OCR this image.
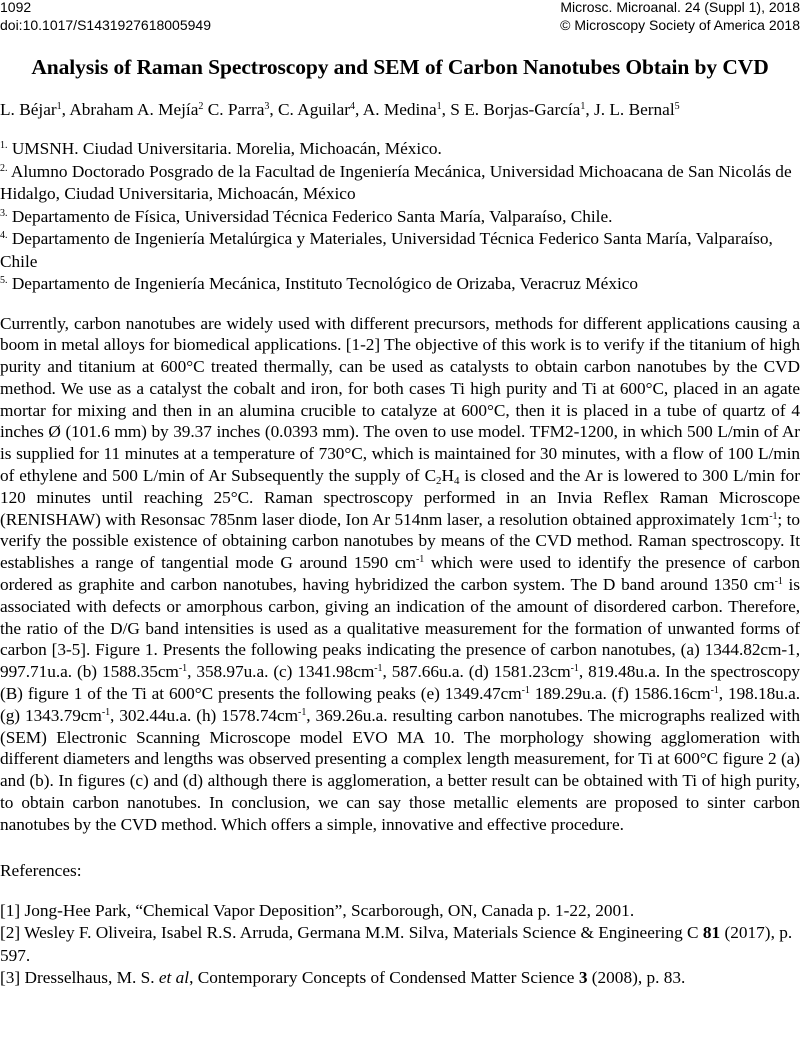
1092
doi:10.1017/S1431927618005949
Microsc. Microanal. 24 (Suppl 1), 2018
© Microscopy Society of America 2018
Analysis of Raman Spectroscopy and SEM of Carbon Nanotubes Obtain by CVD
L. Béjar$^1$, Abraham A. Mejía$^2$ C. Parra$^3$, C. Aguilar$^4$, A. Medina$^1$, S E. Borjas-García$^1$, J. L. Bernal$^5$

$^{1.}$ UMSNH. Ciudad Universitaria. Morelia, Michoacán, México.

$^{2.}$ Alumno Doctorado Posgrado de la Facultad de Ingeniería Mecánica, Universidad Michoacana de San Nicolás de Hidalgo, Ciudad Universitaria, Michoacán, México

$^{3.}$ Departamento de Física, Universidad Técnica Federico Santa María, Valparaíso, Chile.

$^{4.}$ Departamento de Ingeniería Metalúrgica y Materiales, Universidad Técnica Federico Santa María, Valparaíso, Chile

$^{5.}$ Departamento de Ingeniería Mecánica, Instituto Tecnológico de Orizaba, Veracruz México

Currently, carbon nanotubes are widely used with different precursors, methods for different applications causing a boom in metal alloys for biomedical applications. [1-2] The objective of this work is to verify if the titanium of high purity and titanium at 600°C treated thermally, can be used as catalysts to obtain carbon nanotubes by the CVD method. We use as a catalyst the cobalt and iron, for both cases Ti high purity and Ti at 600°C, placed in an agate mortar for mixing and then in an alumina crucible to catalyze at 600°C, then it is placed in a tube of quartz of 4 inches Ø (101.6 mm) by 39.37 inches (0.0393 mm). The oven to use model. TFM2-1200, in which 500 L/min of Ar is supplied for 11 minutes at a temperature of 730°C, which is maintained for 30 minutes, with a flow of 100 L/min of ethylene and 500 L/min of Ar Subsequently the supply of $C_2H_4$ is closed and the Ar is lowered to 300 L/min for 120 minutes until reaching 25°C. Raman spectroscopy performed in an Invia Reflex Raman Microscope (RENISHAW) with Resonsac 785nm laser diode, Ion Ar 514nm laser, a resolution obtained approximately $1cm^{-1}$; to verify the possible existence of obtaining carbon nanotubes by means of the CVD method. Raman spectroscopy. It establishes a range of tangential mode G around 1590 $cm^{-1}$ which were used to identify the presence of carbon ordered as graphite and carbon nanotubes, having hybridized the carbon system. The D band around 1350 $cm^{-1}$ is associated with defects or amorphous carbon, giving an indication of the amount of disordered carbon. Therefore, the ratio of the D/G band intensities is used as a qualitative measurement for the formation of unwanted forms of carbon [3-5]. Figure 1. Presents the following peaks indicating the presence of carbon nanotubes, (a) 1344.82cm-1, 997.71u.a. (b) $1588.35cm^{-1}$, 358.97u.a. (c) $1341.98cm^{-1}$, 587.66u.a. (d) $1581.23cm^{-1}$, 819.48u.a. In the spectroscopy (B) figure 1 of the Ti at 600°C presents the following peaks (e) $1349.47cm^{-1}$ 189.29u.a. (f) $1586.16cm^{-1}$, 198.18u.a. (g) $1343.79cm^{-1}$, 302.44u.a. (h) $1578.74cm^{-1}$, 369.26u.a. resulting carbon nanotubes. The micrographs realized with (SEM) Electronic Scanning Microscope model EVO MA 10. The morphology showing agglomeration with different diameters and lengths was observed presenting a complex length measurement, for Ti at 600°C figure 2 (a) and (b). In figures (c) and (d) although there is agglomeration, a better result can be obtained with Ti of high purity, to obtain carbon nanotubes. In conclusion, we can say those metallic elements are proposed to sinter carbon nanotubes by the CVD method. Which offers a simple, innovative and effective procedure.

References:

[1] Jong-Hee Park, “Chemical Vapor Deposition”, Scarborough, ON, Canada p. 1-22, 2001.

[2] Wesley F. Oliveira, Isabel R.S. Arruda, Germana M.M. Silva, Materials Science & Engineering C 81 (2017), p. 597.

[3] Dresselhaus, M. S. et al, Contemporary Concepts of Condensed Matter Science 3 (2008), p. 83.
